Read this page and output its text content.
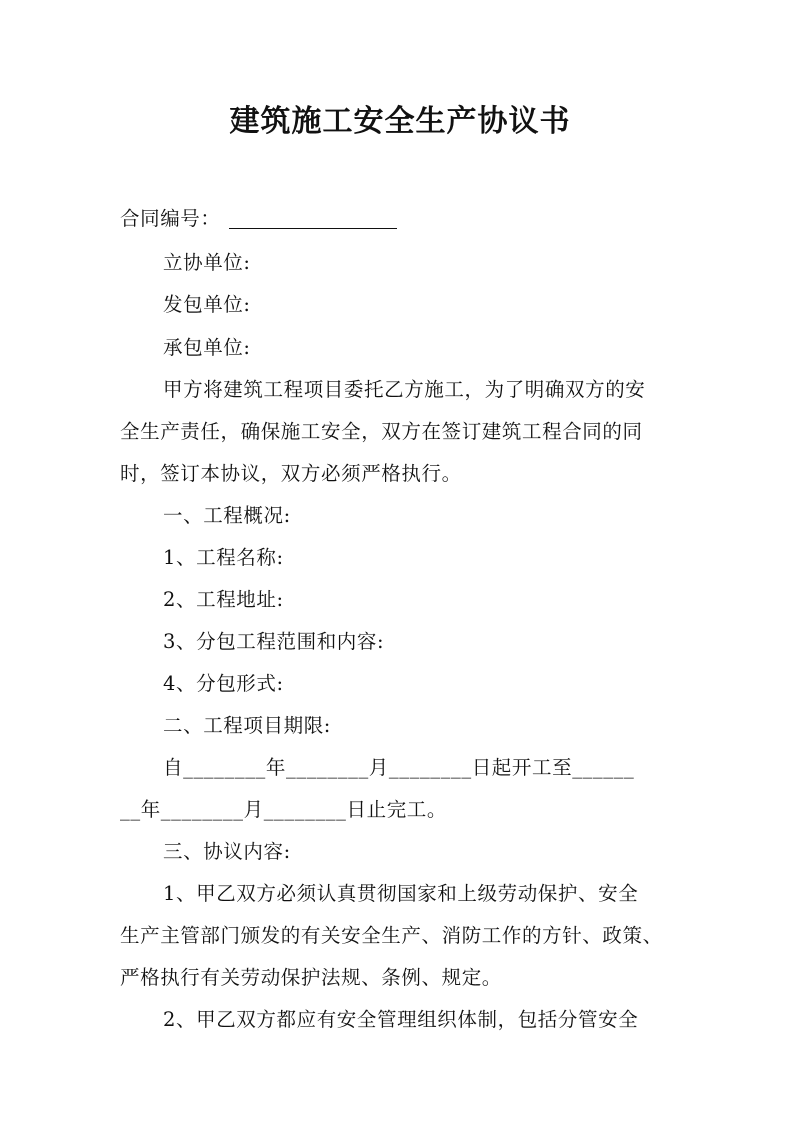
建筑施工安全生产协议书
合同编号：
立协单位:
发包单位:
承包单位:
甲方将建筑工程项目委托乙方施工，为了明确双方的安
全生产责任，确保施工安全，双方在签订建筑工程合同的同
时，签订本协议，双方必须严格执行。
一、工程概况:
1、工程名称:
2、工程地址:
3、分包工程范围和内容:
4、分包形式:
二、工程项目期限:
自________年________月________日起开工至______
__年________月________日止完工。
三、协议内容:
1、甲乙双方必须认真贯彻国家和上级劳动保护、安全
生产主管部门颁发的有关安全生产、消防工作的方针、政策、
严格执行有关劳动保护法规、条例、规定。
2、甲乙双方都应有安全管理组织体制，包括分管安全
